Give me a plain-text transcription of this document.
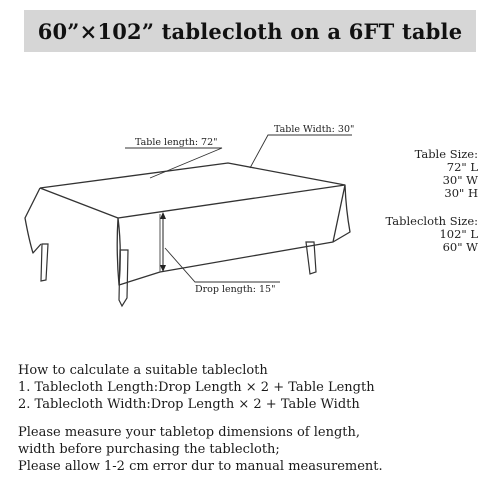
60”×102” tablecloth on a 6FT table
Table length: 72"
Table Width: 30"
Drop length: 15"
Table Size:
72" L
30" W
30" H
Tablecloth Size:
102" L
60" W
How to calculate a suitable tablecloth
1. Tablecloth Length:Drop Length × 2 + Table Length
2. Tablecloth Width:Drop Length × 2 + Table Width
Please measure your tabletop dimensions of length,
width before purchasing the tablecloth;
Please allow 1-2 cm error dur to manual measurement.
